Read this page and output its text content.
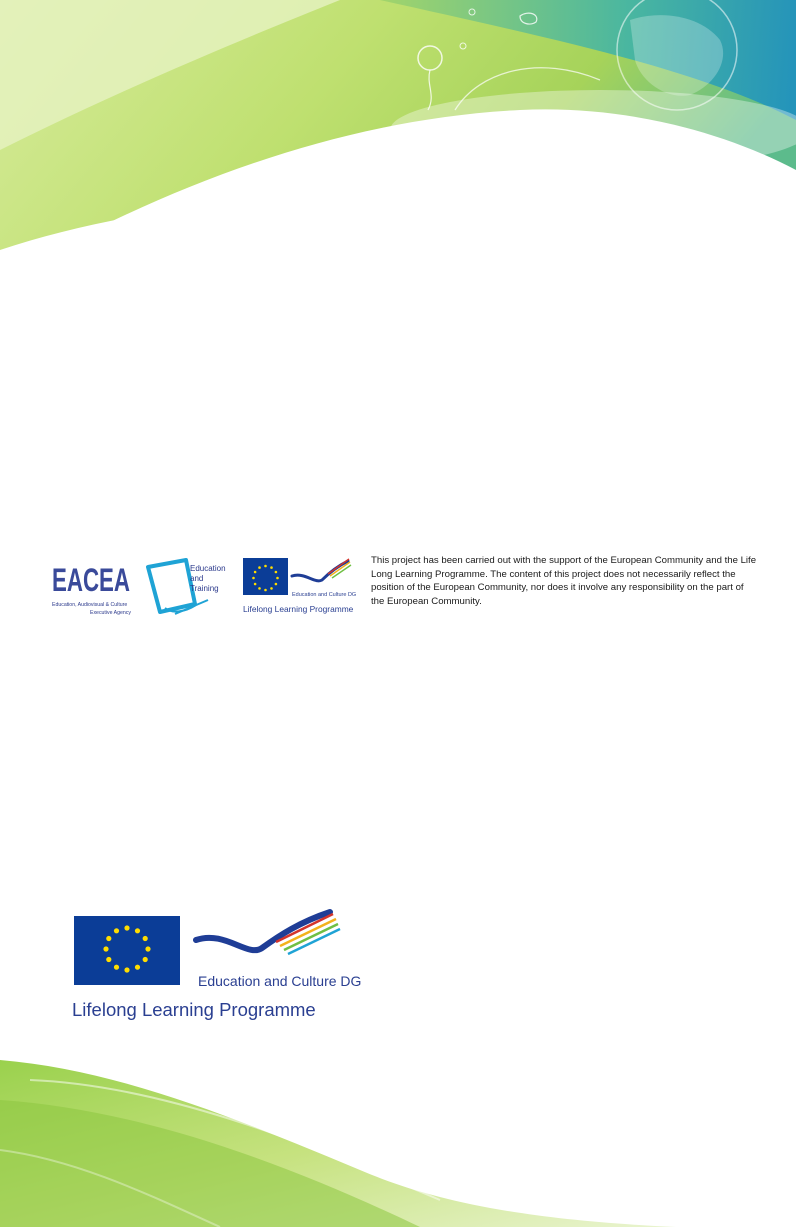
EACEA
Education, Audiovisual & Culture
Executive Agency
Education
and
Training
Education and Culture DG
Lifelong Learning Programme
This project has been carried out with the support of the European Community and the Life
Long Learning Programme. The content of this project does not necessarily reflect the
position of the European Community, nor does it involve any responsibility on the part of
the European Community.
Education and Culture DG
Lifelong Learning Programme
